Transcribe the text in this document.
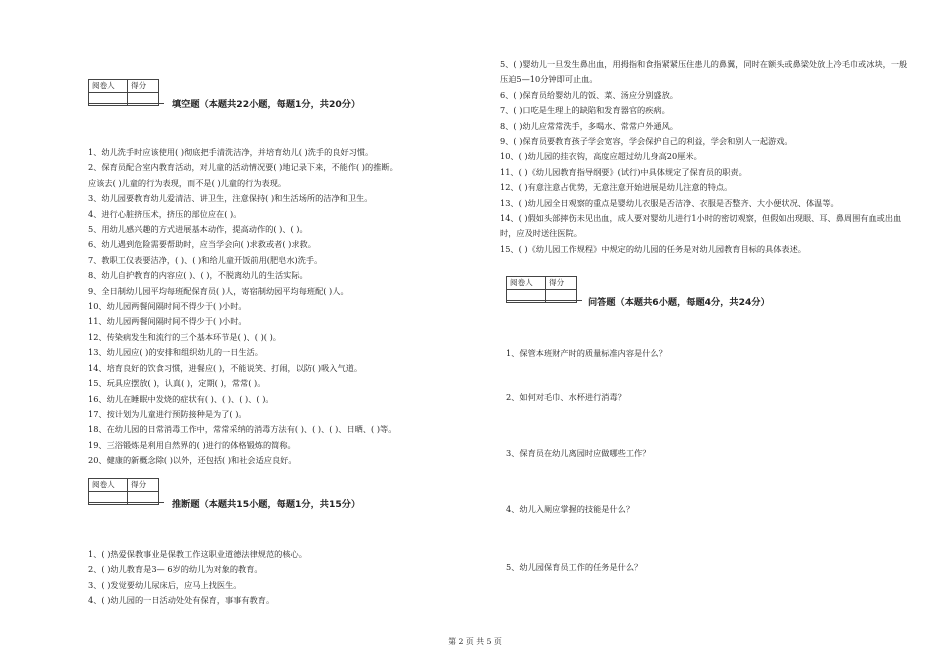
阅卷人	得分

填空题（本题共22小题，每题1分，共20分）
1、幼儿洗手时应该使用( )彻底把手清洗洁净，并培育幼儿( )洗手的良好习惯。
2、保育员配合室内教育活动，对儿童的活动情况要( )地记录下来，不能作( )的推断。
应该去( )儿童的行为表现，而不是( )儿童的行为表现。
3、幼儿园要教育幼儿爱清洁、讲卫生，注意保持( )和生活场所的洁净和卫生。
4、进行心脏挤压术，挤压的部位应在( )。
5、用幼儿感兴趣的方式进展基本动作，提高动作的( )、( )。
6、幼儿遇到危险需要帮助时，应当学会向( )求救或者( )求救。
7、教职工仪表要洁净，( )、( )和给儿童开饭前用(肥皂水)洗手。
8、幼儿自护教育的内容应( )、( )，不脱离幼儿的生活实际。
9、全日制幼儿园平均每班配保育员( )人，寄宿制幼园平均每班配( )人。
10、幼儿园两餐间隔时间不得少于( )小时。
11、幼儿园两餐间隔时间不得少于( )小时。
12、传染病发生和流行的三个基本环节是( )、( )( )。
13、幼儿园应( )的安排和组织幼儿的一日生活。
14、培育良好的饮食习惯，进餐应( )，不能说笑、打闹，以防( )吸入气道。
15、玩具应摆放( )，认真( )，定期( )，常常( )。
16、幼儿在睡眠中发烧的症状有( )、( )、( )、( )。
17、按计划为儿童进行预防接种是为了( )。
18、在幼儿园的日常消毒工作中，常常采纳的消毒方法有( )、( )、( )、日晒、( )等。
19、三浴锻炼是利用自然界的( )进行的体格锻炼的简称。
20、健康的新概念除( )以外，还包括( )和社会适应良好。
阅卷人	得分

推断题（本题共15小题，每题1分，共15分）
1、( )热爱保教事业是保教工作这职业道德法律规范的核心。
2、( )幼儿教育是3— 6岁的幼儿为对象的教育。
3、( )发觉要幼儿尿床后，应马上找医生。
4、( )幼儿园的一日活动处处有保育，事事有教育。
5、( )婴幼儿一旦发生鼻出血，用拇指和食指紧紧压住患儿的鼻翼，同时在额头或鼻梁处放上冷毛巾或冰块，一般压迫5—10分钟即可止血。
6、( )保育员给婴幼儿的饭、菜、汤应分别盛放。
7、( )口吃是生理上的缺陷和发育器官的疾病。
8、( )幼儿应常常洗手，多喝水、常常户外通风。
9、( )保育员要教育孩子学会宽容，学会保护自己的利益，学会和别人一起游戏。
10、( )幼儿园的挂衣钩，高度应超过幼儿身高20厘米。
11、( )《幼儿园教育指导纲要》(试行)中具体规定了保育员的职责。
12、( )有意注意占优势，无意注意开始进展是幼儿注意的特点。
13、( )幼儿园全日观察的重点是婴幼儿衣服是否洁净、衣服是否整齐、大小便状况、体温等。
14、( )假如头部摔伤未见出血，成人要对婴幼儿进行1小时的密切观察，但假如出现眼、耳、鼻周围有血或出血时，应及时送往医院。
15、( )《幼儿园工作规程》中规定的幼儿园的任务是对幼儿园教育目标的具体表述。
阅卷人	得分

问答题（本题共6小题，每题4分，共24分）
1、保管本班财产时的质量标准内容是什么？
2、如何对毛巾、水杯进行消毒？
3、保育员在幼儿离园时应做哪些工作？
4、幼儿入厕应掌握的技能是什么？
5、幼儿园保育员工作的任务是什么？
第 2 页 共 5 页
